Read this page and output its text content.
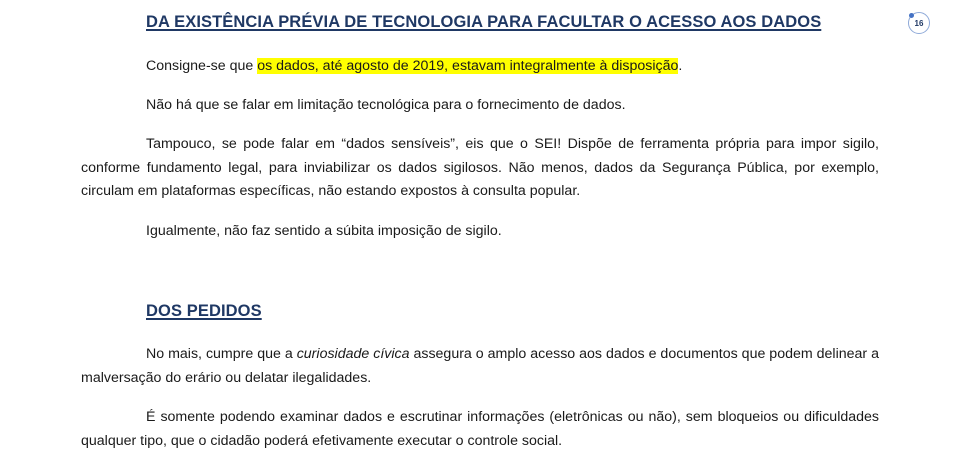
DA EXISTÊNCIA PRÉVIA DE TECNOLOGIA PARA FACULTAR O ACESSO AOS DADOS

Consigne-se que os dados, até agosto de 2019, estavam integralmente à disposição.

Não há que se falar em limitação tecnológica para o fornecimento de dados.

Tampouco, se pode falar em “dados sensíveis”, eis que o SEI! Dispõe de ferramenta própria para impor sigilo, conforme fundamento legal, para inviabilizar os dados sigilosos. Não menos, dados da Segurança Pública, por exemplo, circulam em plataformas específicas, não estando expostos à consulta popular.

Igualmente, não faz sentido a súbita imposição de sigilo.

DOS PEDIDOS

No mais, cumpre que a curiosidade cívica assegura o amplo acesso aos dados e documentos que podem delinear a malversação do erário ou delatar ilegalidades.

É somente podendo examinar dados e escrutinar informações (eletrônicas ou não), sem bloqueios ou dificuldades qualquer tipo, que o cidadão poderá efetivamente executar o controle social.

16
